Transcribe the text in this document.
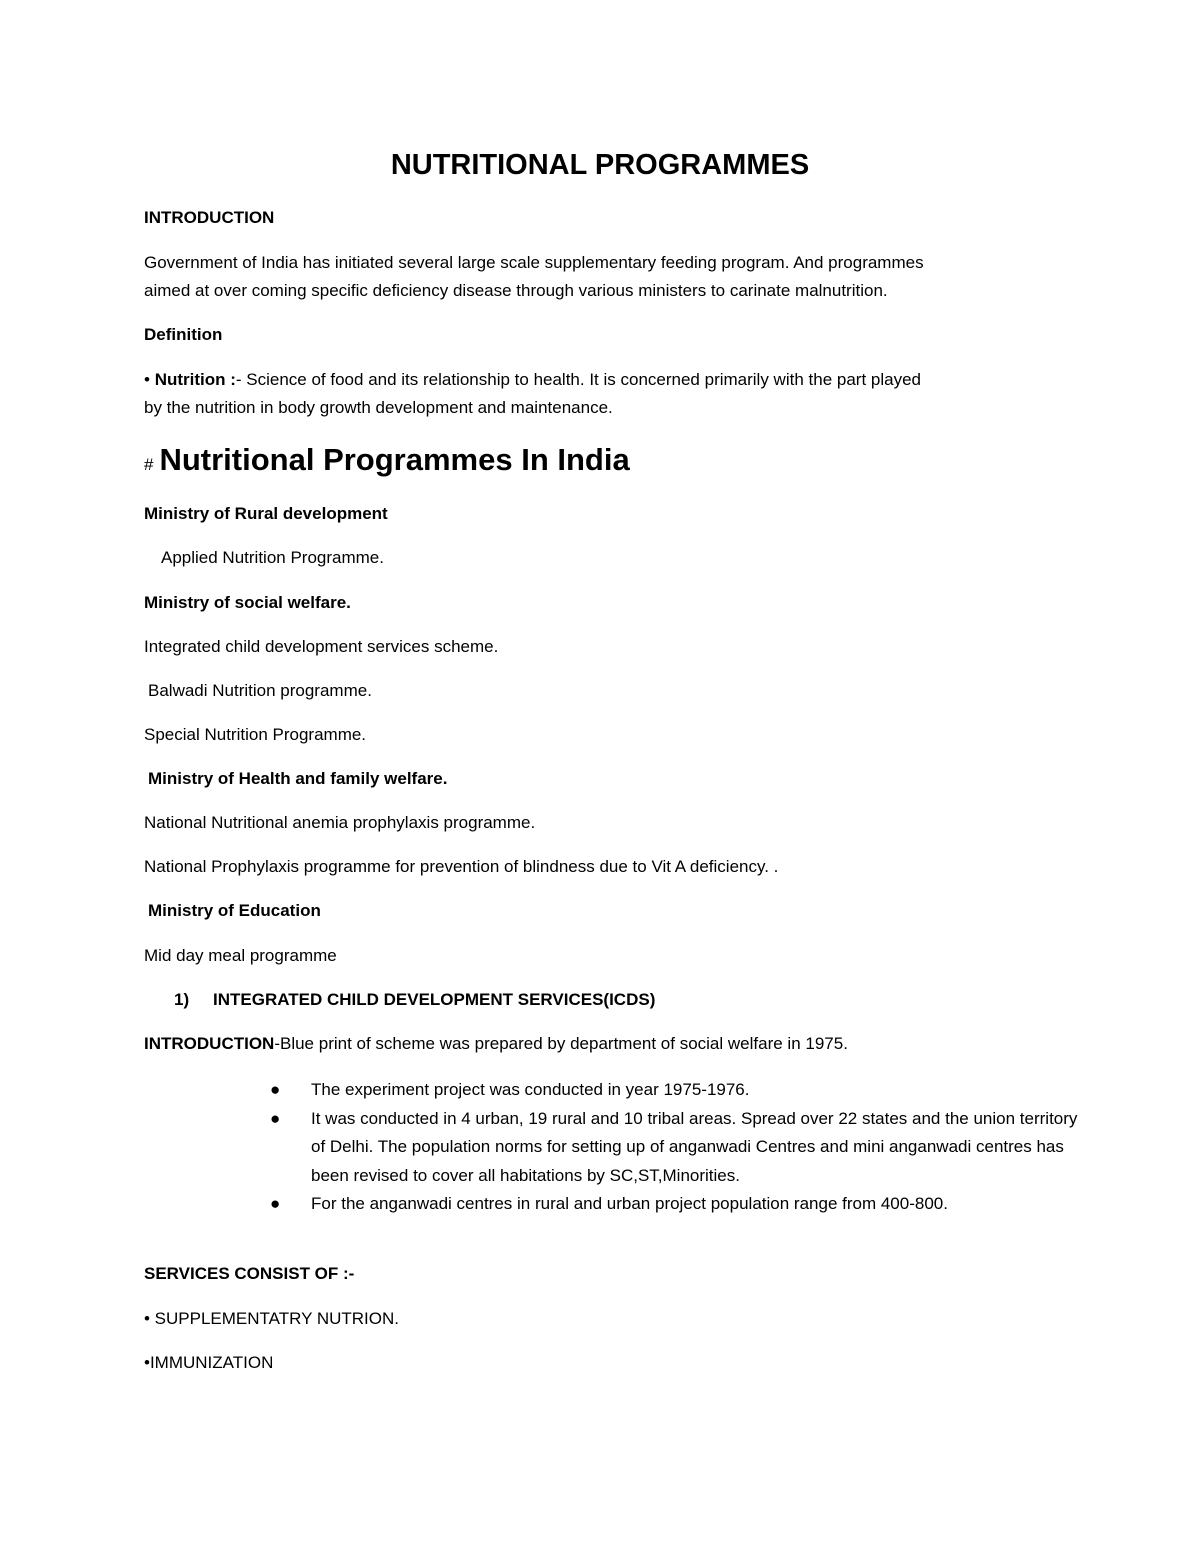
NUTRITIONAL PROGRAMMES
INTRODUCTION
Government of India has initiated several large scale supplementary feeding program. And programmes
aimed at over coming specific deficiency disease through various ministers to carinate malnutrition.
Definition
• Nutrition :- Science of food and its relationship to health. It is concerned primarily with the part played
by the nutrition in body growth development and maintenance.
# Nutritional Programmes In India
Ministry of Rural development
Applied Nutrition Programme.
Ministry of social welfare.
Integrated child development services scheme.
Balwadi Nutrition programme.
Special Nutrition Programme.
Ministry of Health and family welfare.
National Nutritional anemia prophylaxis programme.
National Prophylaxis programme for prevention of blindness due to Vit A deficiency. .
Ministry of Education
Mid day meal programme
1) INTEGRATED CHILD DEVELOPMENT SERVICES(ICDS)
INTRODUCTION-Blue print of scheme was prepared by department of social welfare in 1975.
● The experiment project was conducted in year 1975-1976.
● It was conducted in 4 urban, 19 rural and 10 tribal areas. Spread over 22 states and the union territory of Delhi. The population norms for setting up of anganwadi Centres and mini anganwadi centres has been revised to cover all habitations by SC,ST,Minorities.
● For the anganwadi centres in rural and urban project population range from 400-800.
SERVICES CONSIST OF :-
• SUPPLEMENTATRY NUTRION.
•IMMUNIZATION
